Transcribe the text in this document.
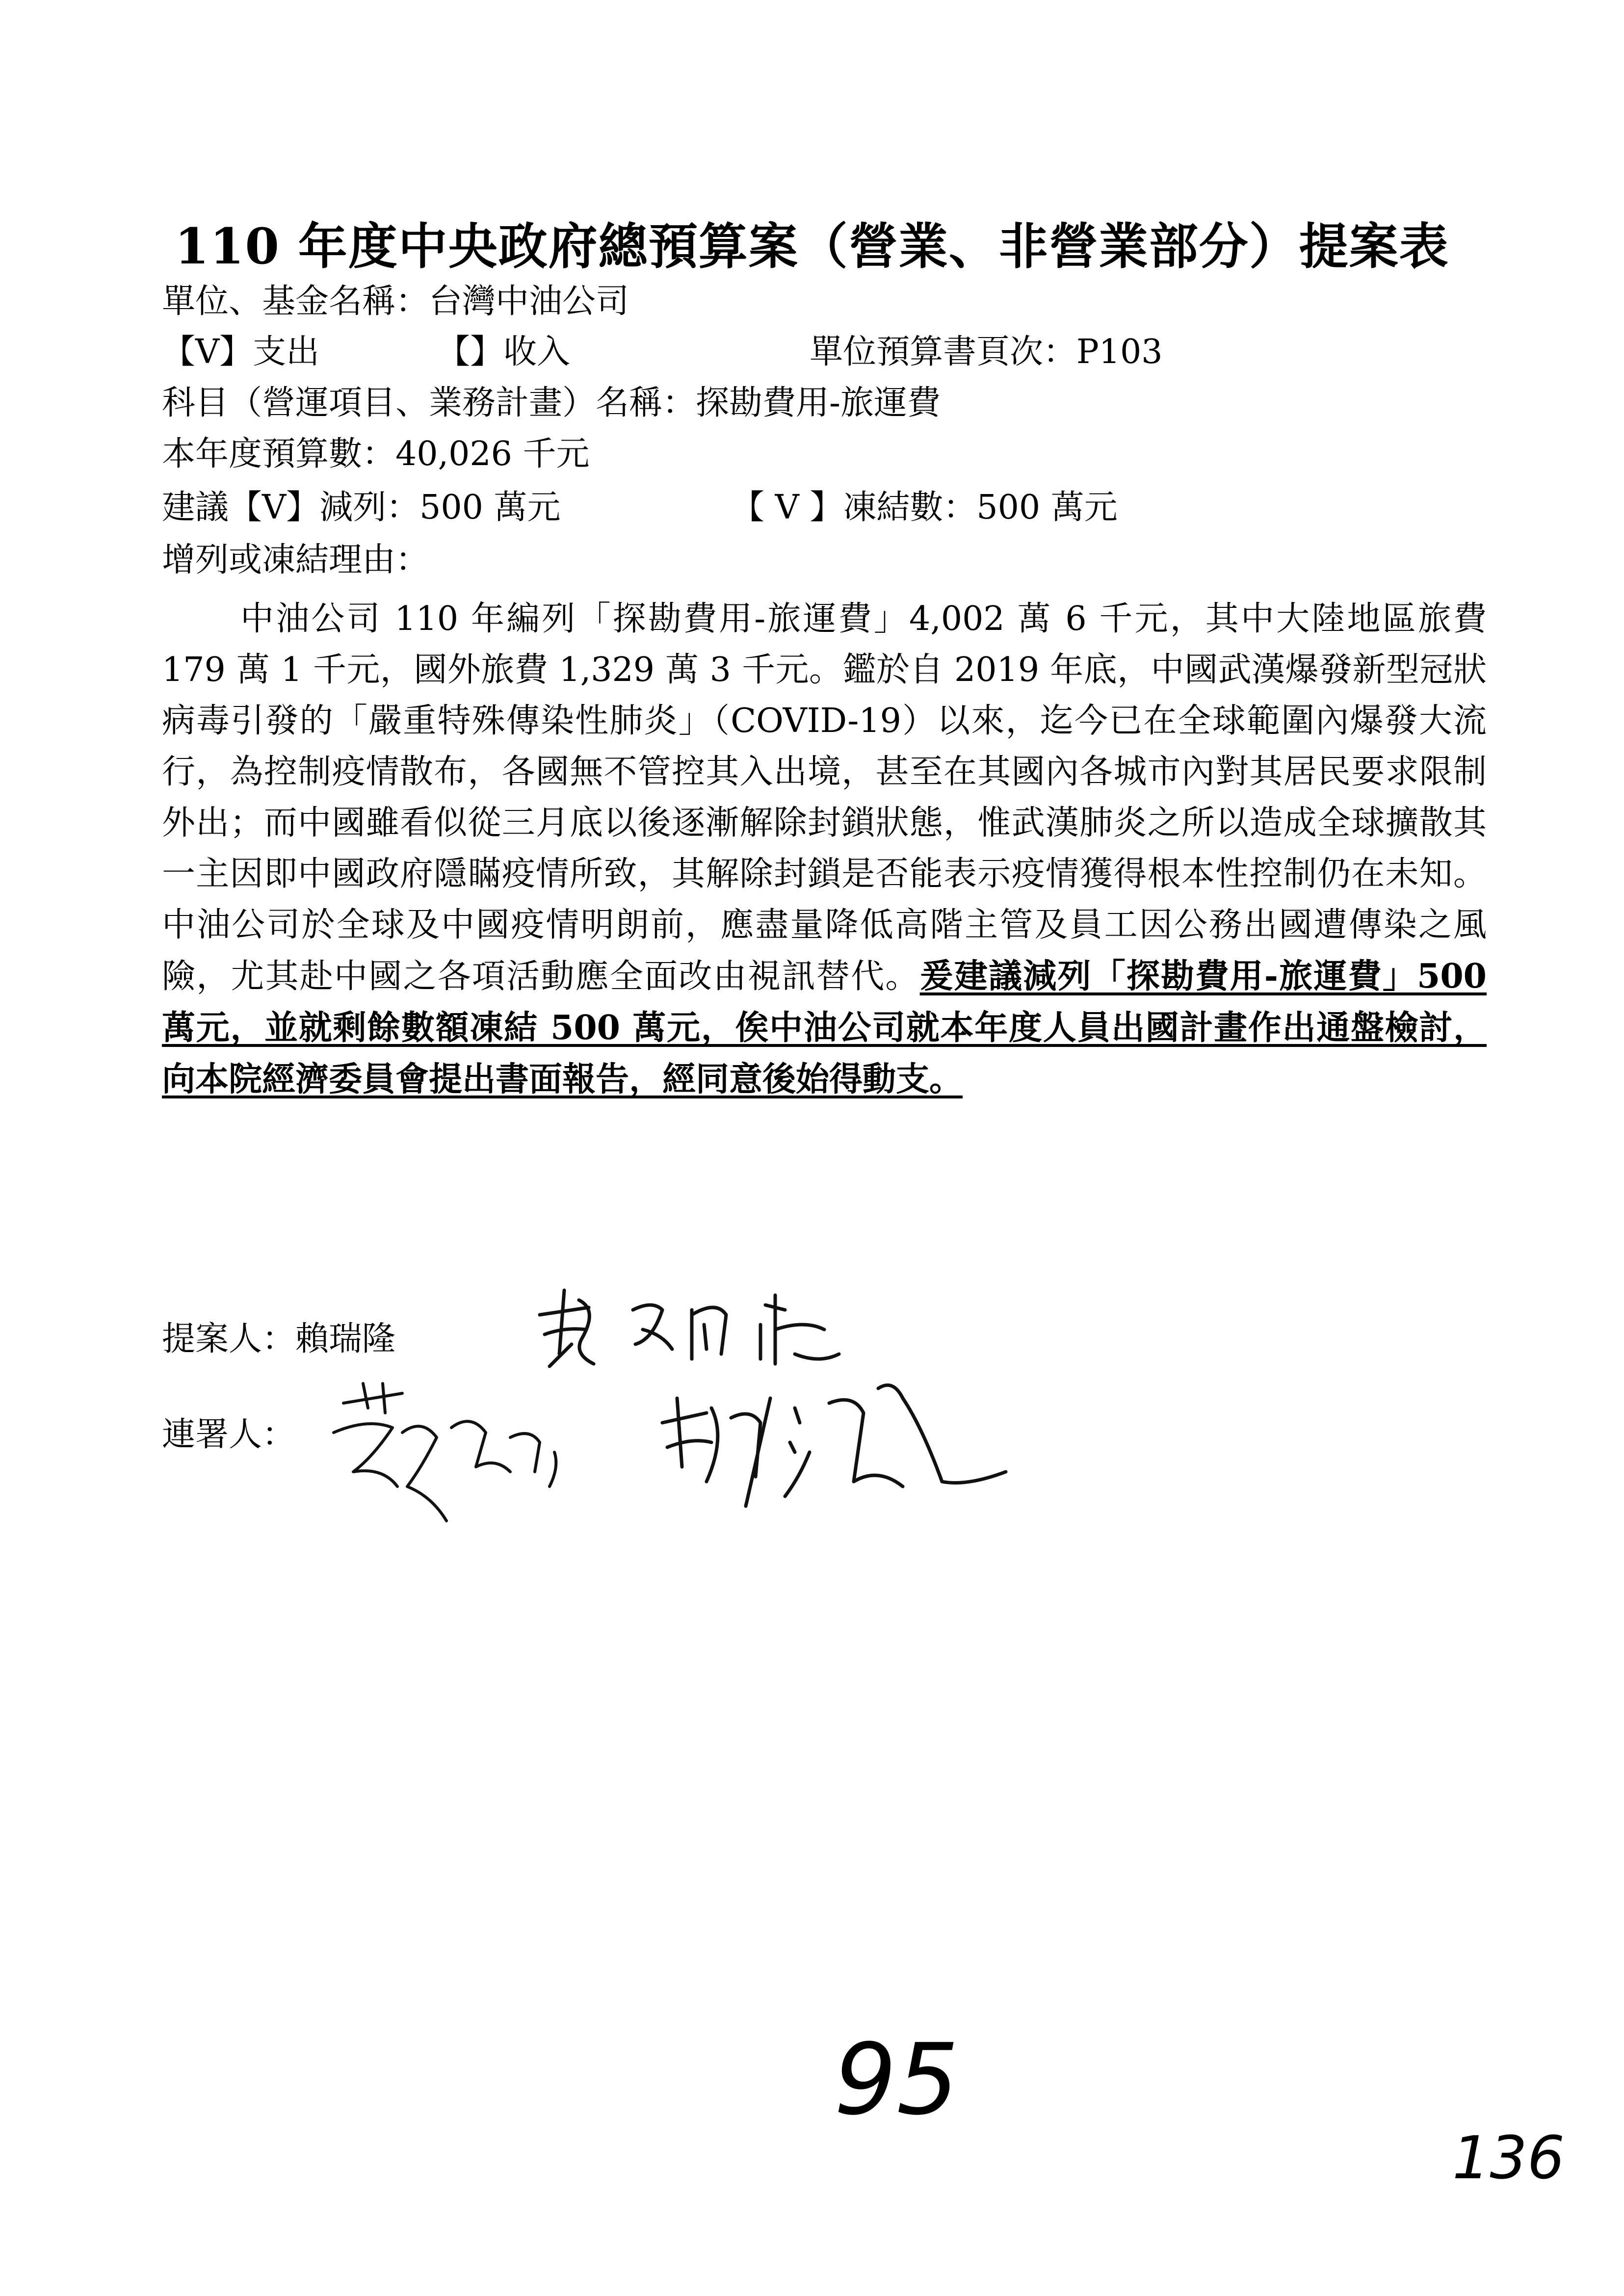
110 年度中央政府總預算案（營業、非營業部分）提案表
單位、基金名稱：台灣中油公司
【V】支出	【】收入	單位預算書頁次：P103
科目（營運項目、業務計畫）名稱：探勘費用-旅運費
本年度預算數：40,026 千元
建議【V】減列：500 萬元	【 V 】凍結數：500 萬元
增列或凍結理由：
中油公司 110 年編列「探勘費用-旅運費」4,002 萬 6 千元，其中大陸地區旅費 179 萬 1 千元，國外旅費 1,329 萬 3 千元。鑑於自 2019 年底，中國武漢爆發新型冠狀病毒引發的「嚴重特殊傳染性肺炎」（COVID-19）以來，迄今已在全球範圍內爆發大流行，為控制疫情散布，各國無不管控其入出境，甚至在其國內各城市內對其居民要求限制外出；而中國雖看似從三月底以後逐漸解除封鎖狀態，惟武漢肺炎之所以造成全球擴散其一主因即中國政府隱瞞疫情所致，其解除封鎖是否能表示疫情獲得根本性控制仍在未知。中油公司於全球及中國疫情明朗前，應盡量降低高階主管及員工因公務出國遭傳染之風險，尤其赴中國之各項活動應全面改由視訊替代。爰建議減列「探勘費用-旅運費」500 萬元，並就剩餘數額凍結 500 萬元，俟中油公司就本年度人員出國計畫作出通盤檢討，向本院經濟委員會提出書面報告，經同意後始得動支。
提案人：賴瑞隆
連署人：
95
136
